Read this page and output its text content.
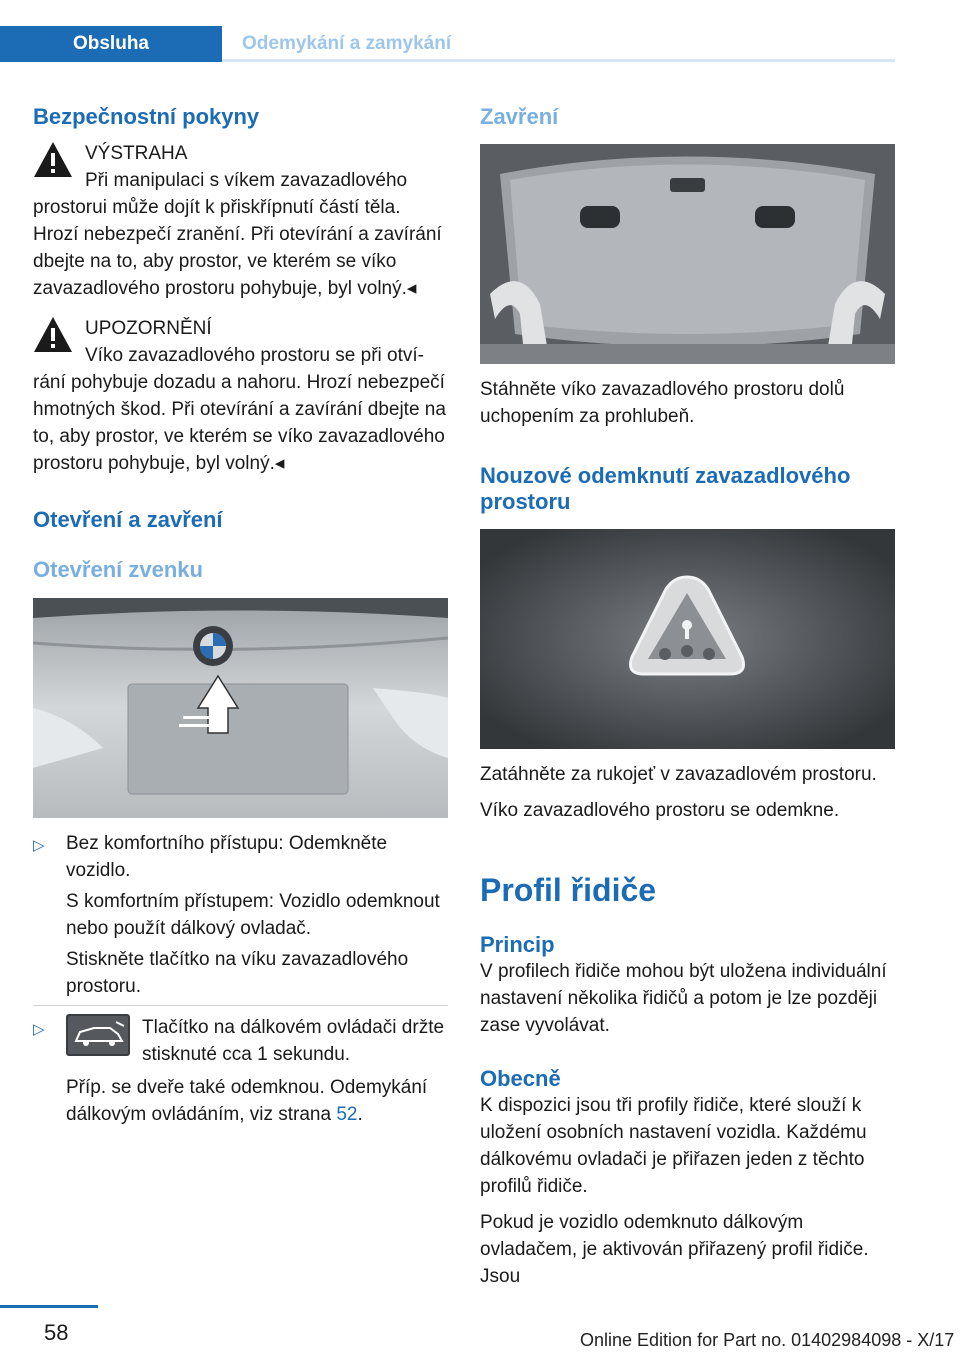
Obsluha	Odemykání a zamykání
Bezpečnostní pokyny

VÝSTRAHA

Při manipulaci s víkem zavazadlového

prostorui může dojít k přiskřípnutí částí těla. Hrozí nebezpečí zranění. Při otevírání a zavírání dbejte na to, aby prostor, ve kterém se víko zavazadlového prostoru pohybuje, byl volný.◂

UPOZORNĚNÍ

Víko zavazadlového prostoru se při otví-

rání pohybuje dozadu a nahoru. Hrozí nebezpečí hmotných škod. Při otevírání a zavírání dbejte na to, aby prostor, ve kterém se víko zavazadlového prostoru pohybuje, byl volný.◂

Otevření a zavření
Otevření zvenku
▷ Bez komfortního přístupu: Odemkněte vozidlo.

S komfortním přístupem: Vozidlo odemknout nebo použít dálkový ovladač.

Stiskněte tlačítko na víku zavazadlového prostoru.

▷	Tlačítko na dálkovém ovládači držte stisknuté cca 1 sekundu.

Příp. se dveře také odemknou. Odemykání dálkovým ovládáním, viz strana 52.

Zavření

Stáhněte víko zavazadlového prostoru dolů uchopením za prohlubeň.

Nouzové odemknutí zavazadlového prostoru

Zatáhněte za rukojeť v zavazadlovém prostoru.

Víko zavazadlového prostoru se odemkne.

Profil řidiče
Princip

V profilech řidiče mohou být uložena individuální nastavení několika řidičů a potom je lze později zase vyvolávat.

Obecně

K dispozici jsou tři profily řidiče, které slouží k uložení osobních nastavení vozidla. Každému dálkovému ovladači je přiřazen jeden z těchto profilů řidiče.

Pokud je vozidlo odemknuto dálkovým ovladačem, je aktivován přiřazený profil řidiče. Jsou

58	Online Edition for Part no. 01402984098 - X/17
